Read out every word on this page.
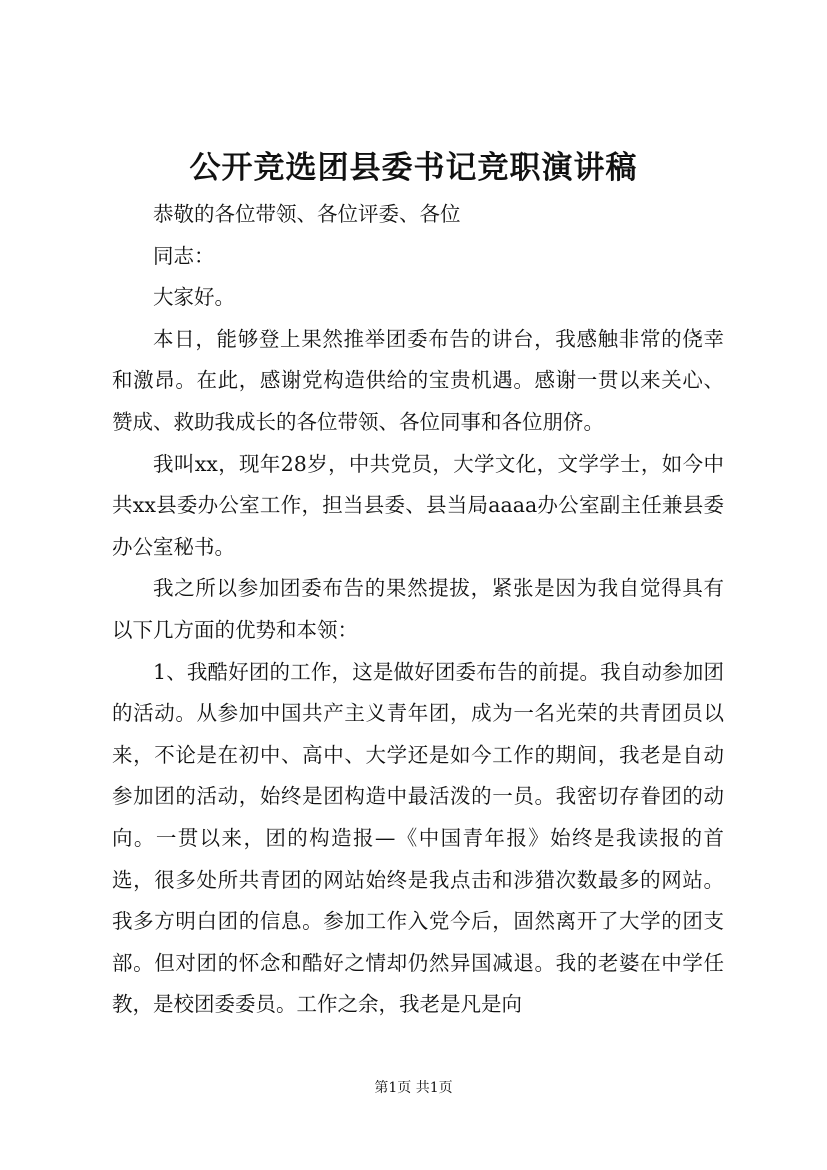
公开竞选团县委书记竞职演讲稿

恭敬的各位带领、各位评委、各位

同志：

大家好。

本日，能够登上果然推举团委布告的讲台，我感触非常的侥幸和激昂。在此，感谢党构造供给的宝贵机遇。感谢一贯以来关心、赞成、救助我成长的各位带领、各位同事和各位朋侪。

我叫xx，现年28岁，中共党员，大学文化，文学学士，如今中共xx县委办公室工作，担当县委、县当局aaaa办公室副主任兼县委办公室秘书。

我之所以参加团委布告的果然提拔，紧张是因为我自觉得具有以下几方面的优势和本领：

1、我酷好团的工作，这是做好团委布告的前提。我自动参加团的活动。从参加中国共产主义青年团，成为一名光荣的共青团员以来，不论是在初中、高中、大学还是如今工作的期间，我老是自动参加团的活动，始终是团构造中最活泼的一员。我密切存眷团的动向。一贯以来，团的构造报—《中国青年报》始终是我读报的首选，很多处所共青团的网站始终是我点击和涉猎次数最多的网站。我多方明白团的信息。参加工作入党今后，固然离开了大学的团支部。但对团的怀念和酷好之情却仍然异国减退。我的老婆在中学任教，是校团委委员。工作之余，我老是凡是向

第1页 共1页
